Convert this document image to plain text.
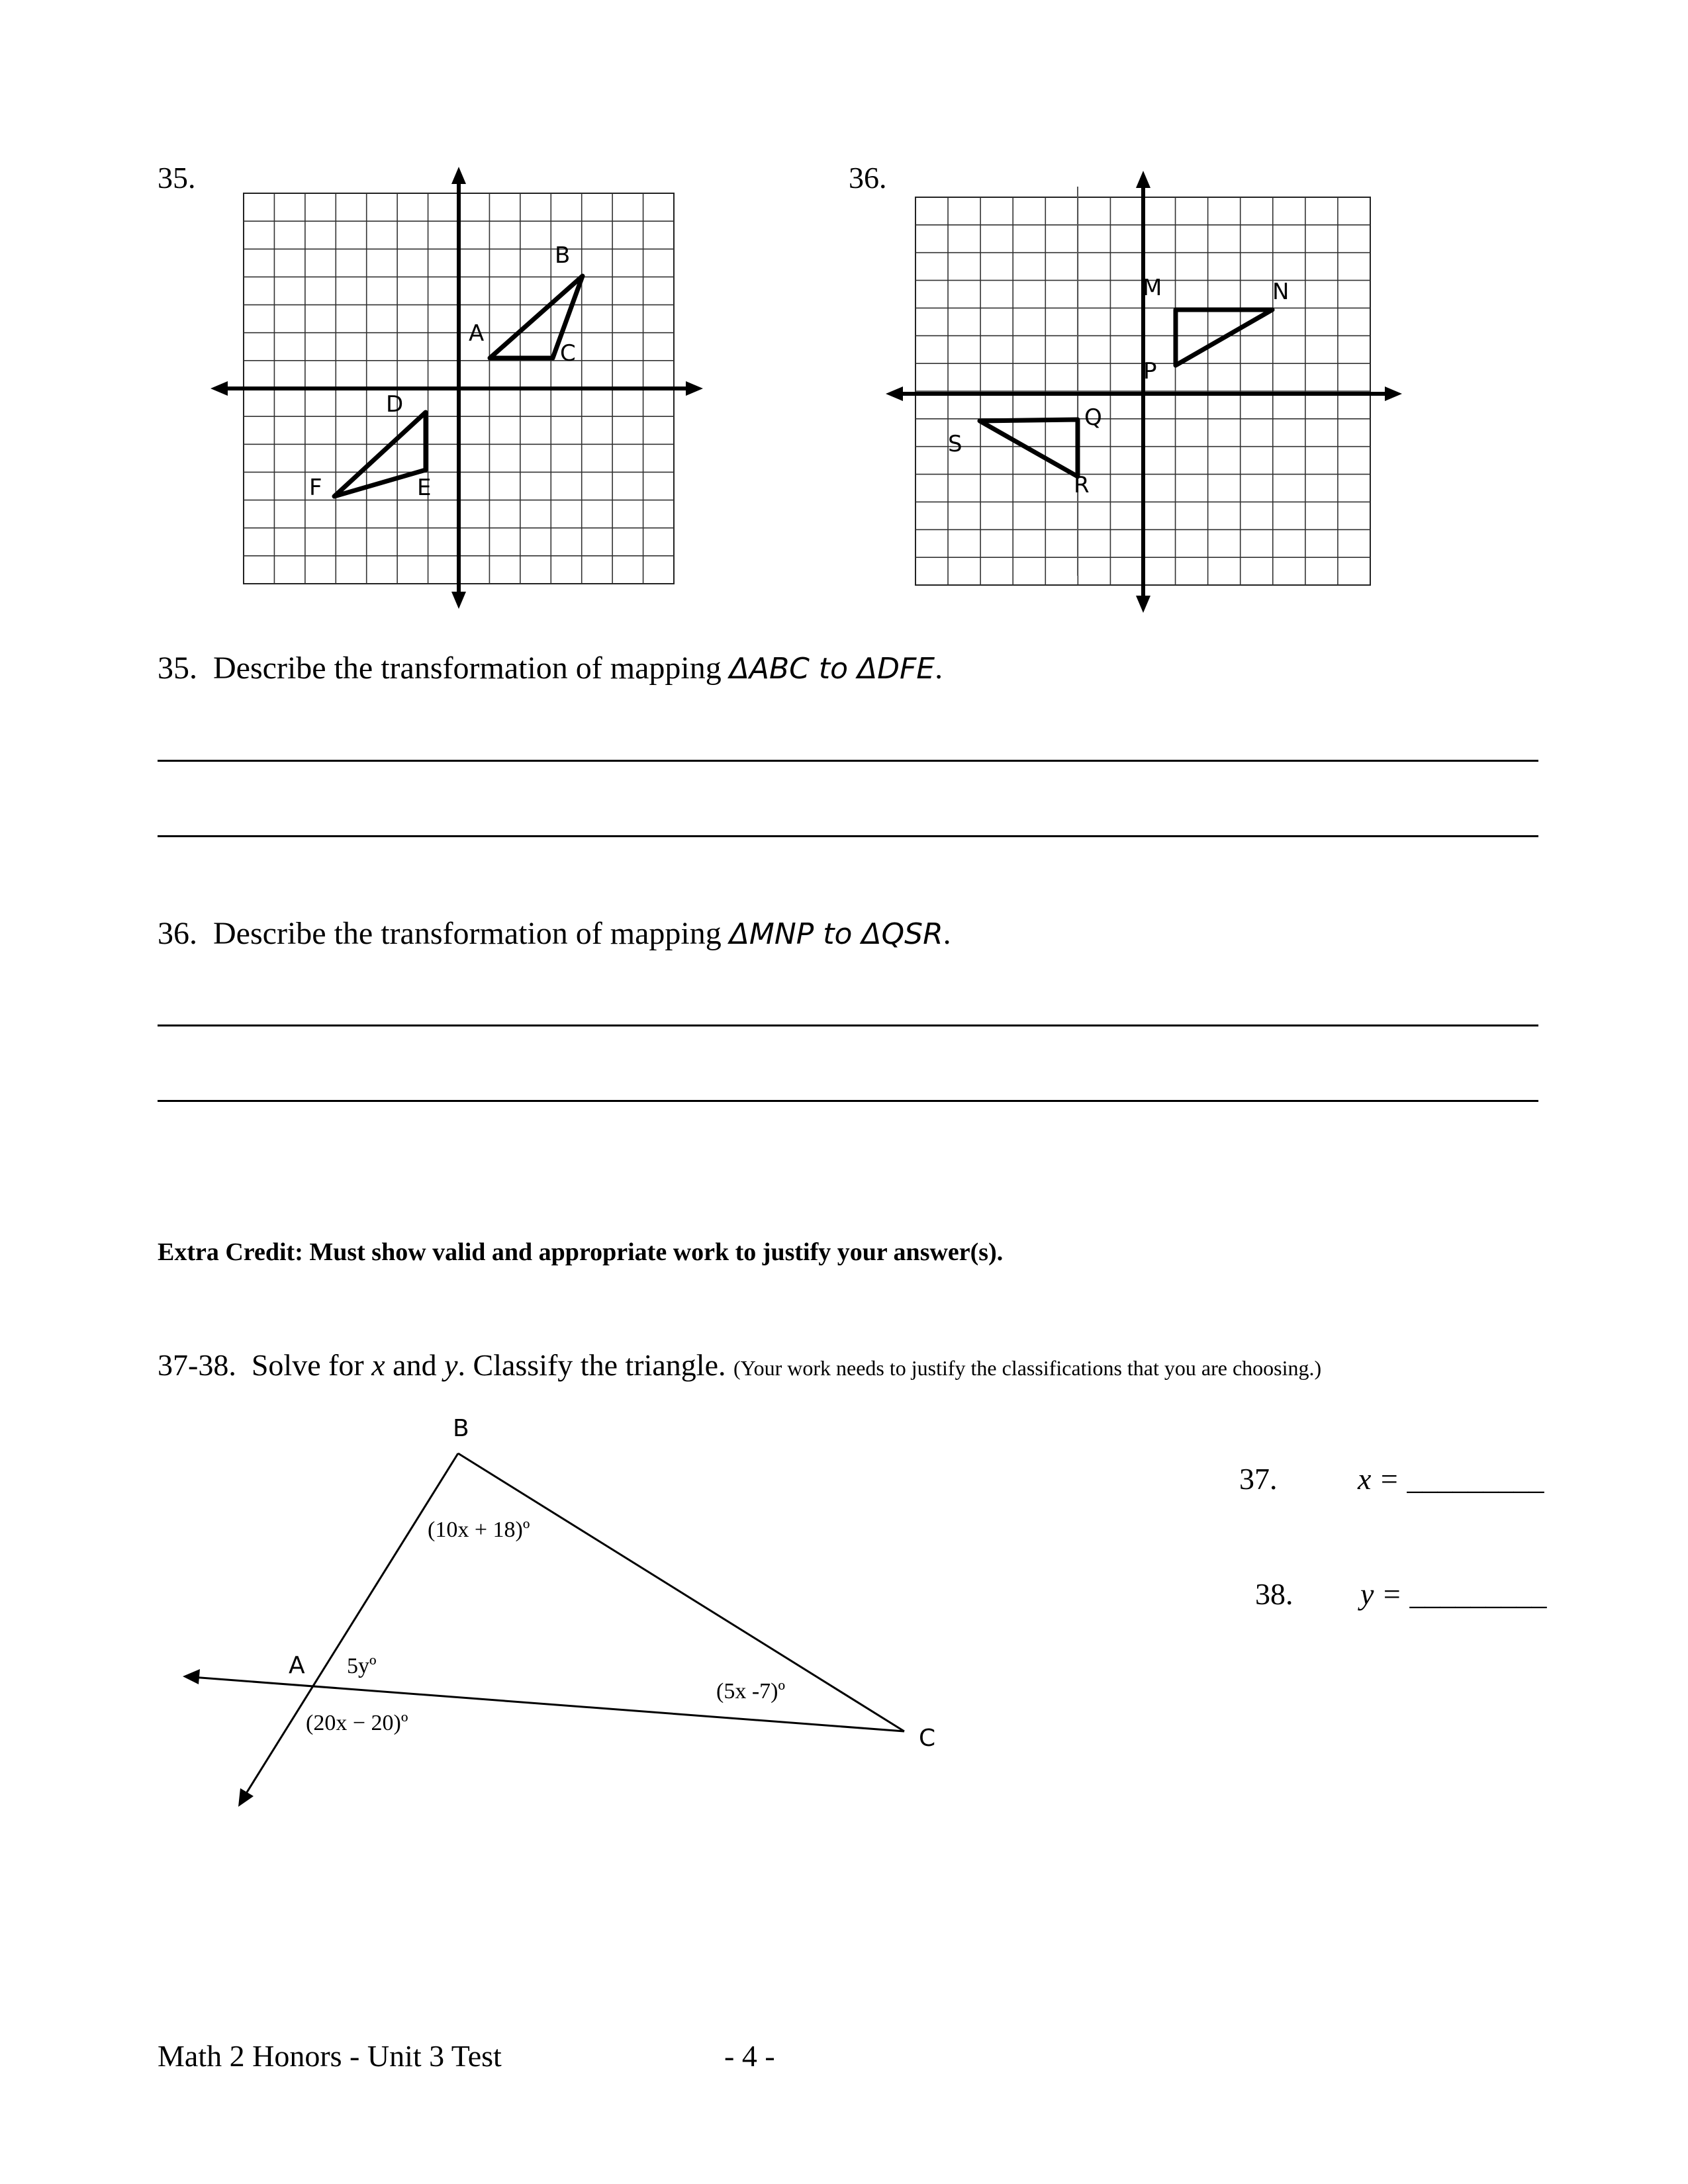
35.	36.
B
A
C
D
F	E
M	N
P
Q
S
R
35. Describe the transformation of mapping ΔABC to ΔDFE.
36. Describe the transformation of mapping ΔMNP to ΔQSR.
Extra Credit: Must show valid and appropriate work to justify your answer(s).
37-38. Solve for x and y. Classify the triangle. (Your work needs to justify the classifications that you are choosing.)
B
A
C
(10x + 18)º
5yº
(20x − 20)º
(5x -7)º
37.	x = _________
38. y = _________
Math 2 Honors - Unit 3 Test	- 4 -
